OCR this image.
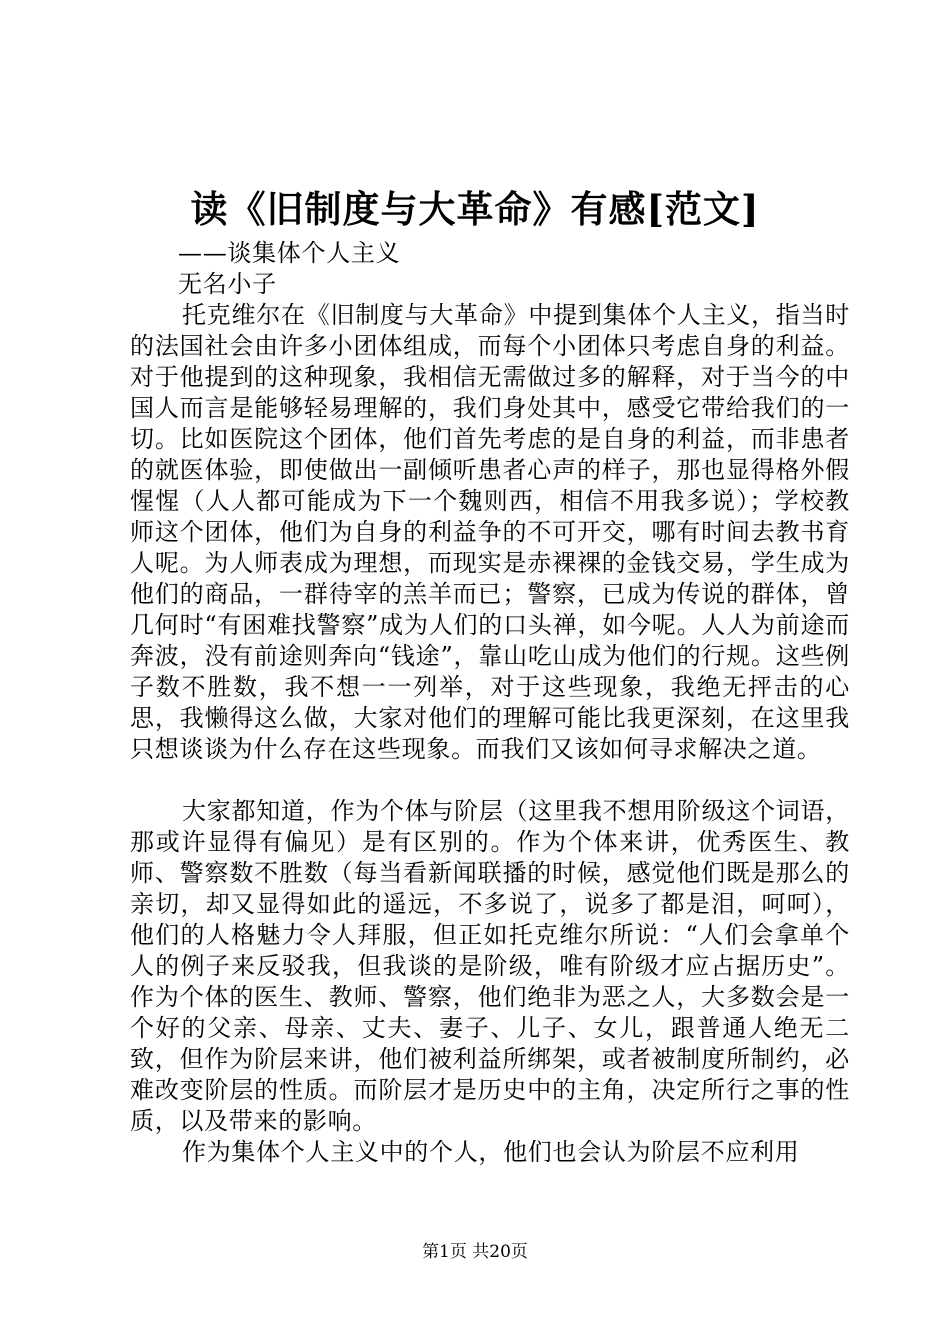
读《旧制度与大革命》有感[范文]
——谈集体个人主义
无名小子

托克维尔在《旧制度与大革命》中提到集体个人主义，指当时的法国社会由许多小团体组成，而每个小团体只考虑自身的利益。对于他提到的这种现象，我相信无需做过多的解释，对于当今的中国人而言是能够轻易理解的，我们身处其中，感受它带给我们的一切。比如医院这个团体，他们首先考虑的是自身的利益，而非患者的就医体验，即使做出一副倾听患者心声的样子，那也显得格外假惺惺（人人都可能成为下一个魏则西，相信不用我多说）；学校教师这个团体，他们为自身的利益争的不可开交，哪有时间去教书育人呢。为人师表成为理想，而现实是赤裸裸的金钱交易，学生成为他们的商品，一群待宰的羔羊而已；警察，已成为传说的群体，曾几何时“有困难找警察”成为人们的口头禅，如今呢。人人为前途而奔波，没有前途则奔向“钱途”，靠山吃山成为他们的行规。这些例子数不胜数，我不想一一列举，对于这些现象，我绝无抨击的心思，我懒得这么做，大家对他们的理解可能比我更深刻，在这里我只想谈谈为什么存在这些现象。而我们又该如何寻求解决之道。

大家都知道，作为个体与阶层（这里我不想用阶级这个词语，那或许显得有偏见）是有区别的。作为个体来讲，优秀医生、教师、警察数不胜数（每当看新闻联播的时候，感觉他们既是那么的亲切，却又显得如此的遥远，不多说了，说多了都是泪，呵呵），他们的人格魅力令人拜服，但正如托克维尔所说：“人们会拿单个人的例子来反驳我，但我谈的是阶级，唯有阶级才应占据历史”。作为个体的医生、教师、警察，他们绝非为恶之人，大多数会是一个好的父亲、母亲、丈夫、妻子、儿子、女儿，跟普通人绝无二致，但作为阶层来讲，他们被利益所绑架，或者被制度所制约，必难改变阶层的性质。而阶层才是历史中的主角，决定所行之事的性质，以及带来的影响。

作为集体个人主义中的个人，他们也会认为阶层不应利用

第1页 共20页
